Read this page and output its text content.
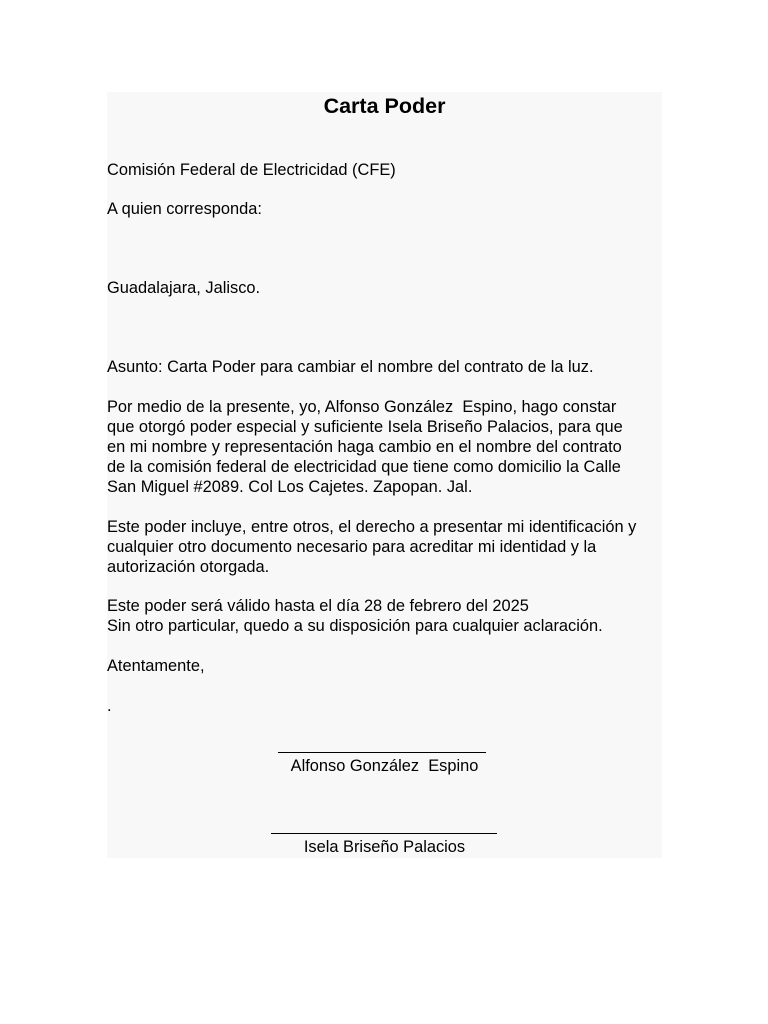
Carta Poder
Comisión Federal de Electricidad (CFE)
A quien corresponda:
Guadalajara, Jalisco.
Asunto: Carta Poder para cambiar el nombre del contrato de la luz.
Por medio de la presente, yo, Alfonso González  Espino, hago constar
que otorgó poder especial y suficiente Isela Briseño Palacios, para que
en mi nombre y representación haga cambio en el nombre del contrato
de la comisión federal de electricidad que tiene como domicilio la Calle
San Miguel #2089. Col Los Cajetes. Zapopan. Jal.
Este poder incluye, entre otros, el derecho a presentar mi identificación y
cualquier otro documento necesario para acreditar mi identidad y la
autorización otorgada.
Este poder será válido hasta el día 28 de febrero del 2025
Sin otro particular, quedo a su disposición para cualquier aclaración.
Atentamente,
.
Alfonso González  Espino
Isela Briseño Palacios
